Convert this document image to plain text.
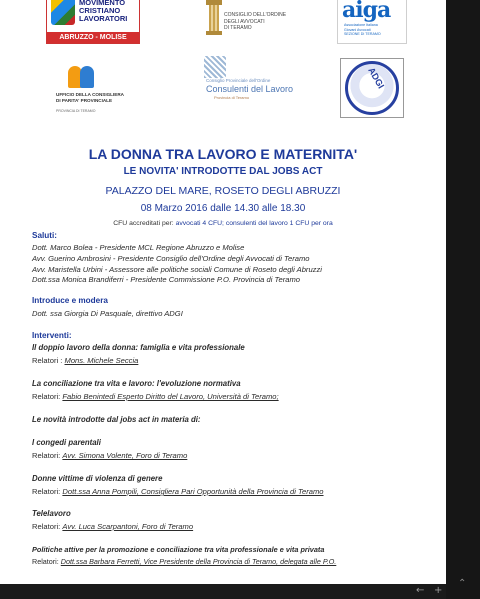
MOVIMENTO
CRISTIANO
LAVORATORI
ABRUZZO - MOLISE
CONSIGLIO DELL'ORDINE
DEGLI AVVOCATI
DI TERAMO
aiga
Associazione Italiana
Giovani Avvocati
SEZIONE DI TERAMO
UFFICIO DELLA CONSIGLIERA
DI PARITA' PROVINCIALE
PROVINCIA DI TERAMO
Consiglio Provinciale dell'Ordine
Consulenti del Lavoro
Provincia di Teramo
ADGI
LA DONNA TRA LAVORO E MATERNITA'
LE NOVITA' INTRODOTTE DAL JOBS ACT
PALAZZO DEL MARE, ROSETO DEGLI ABRUZZI
08 Marzo 2016 dalle 14.30 alle 18.30
CFU accreditati per: avvocati 4 CFU; consulenti del lavoro 1 CFU per ora
Saluti:
Dott. Marco Bolea - Presidente MCL Regione Abruzzo e Molise
Avv. Guerino Ambrosini - Presidente Consiglio dell'Ordine degli Avvocati di Teramo
Avv. Maristella Urbini - Assessore alle politiche sociali Comune di Roseto degli Abruzzi
Dott.ssa Monica Brandiferri - Presidente Commissione P.O. Provincia di Teramo
Introduce e modera
Dott. ssa Giorgia Di Pasquale, direttivo ADGI
Interventi:
Il doppio lavoro della donna: famiglia e vita professionale
Relatori : Mons. Michele Seccia
La conciliazione tra vita e lavoro: l'evoluzione normativa
Relatori: Fabio Benintedi Esperto Diritto del Lavoro, Università di Teramo;
Le novità introdotte dal jobs act in materia di:
I congedi parentali
Relatori: Avv. Simona Volente, Foro di Teramo
Donne vittime di violenza di genere
Relatori: Dott.ssa Anna Pompili, Consigliera Pari Opportunità della Provincia di Teramo
Telelavoro
Relatori: Avv. Luca Scarpantoni, Foro di Teramo
Politiche attive per la promozione e conciliazione tra vita professionale e vita privata
Relatori: Dott.ssa Barbara Ferretti, Vice Presidente della Provincia di Teramo, delegata alle P.O.
⌃
← +
